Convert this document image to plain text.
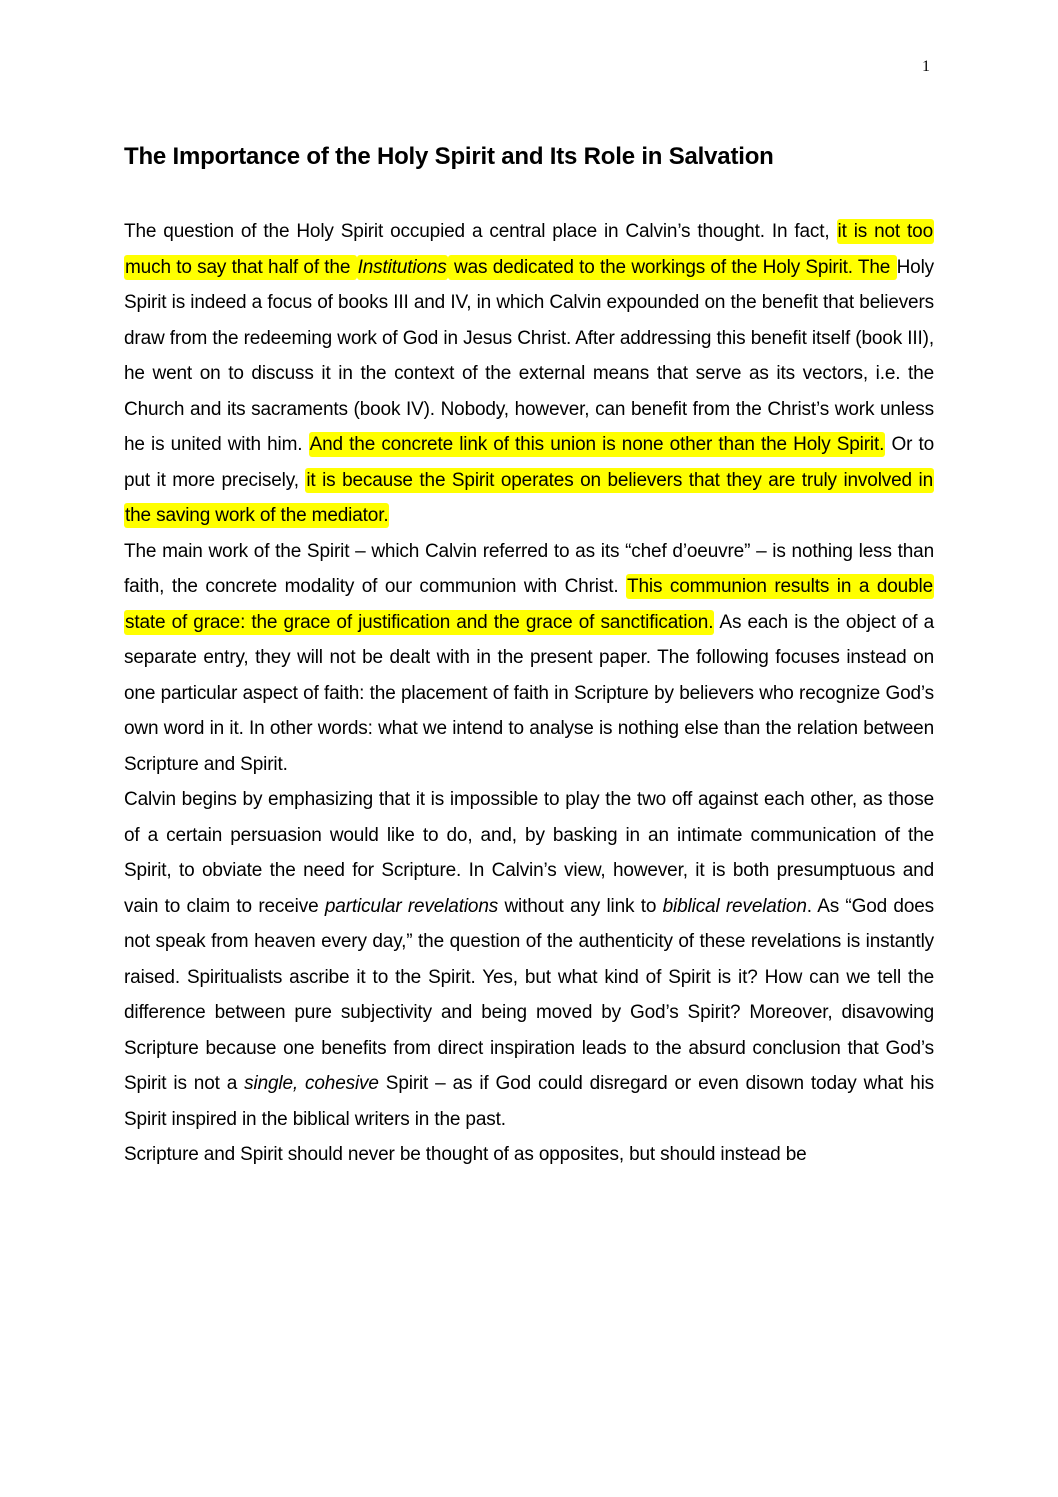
1
The Importance of the Holy Spirit and Its Role in Salvation

The question of the Holy Spirit occupied a central place in Calvin’s thought. In fact, it is not too much to say that half of the Institutions was dedicated to the workings of the Holy Spirit. The Holy Spirit is indeed a focus of books III and IV, in which Calvin expounded on the benefit that believers draw from the redeeming work of God in Jesus Christ. After addressing this benefit itself (book III), he went on to discuss it in the context of the external means that serve as its vectors, i.e. the Church and its sacraments (book IV). Nobody, however, can benefit from the Christ’s work unless he is united with him. And the concrete link of this union is none other than the Holy Spirit. Or to put it more precisely, it is because the Spirit operates on believers that they are truly involved in the saving work of the mediator.

The main work of the Spirit – which Calvin referred to as its “chef d’oeuvre” – is nothing less than faith, the concrete modality of our communion with Christ. This communion results in a double state of grace: the grace of justification and the grace of sanctification. As each is the object of a separate entry, they will not be dealt with in the present paper. The following focuses instead on one particular aspect of faith: the placement of faith in Scripture by believers who recognize God’s own word in it. In other words: what we intend to analyse is nothing else than the relation between Scripture and Spirit.

Calvin begins by emphasizing that it is impossible to play the two off against each other, as those of a certain persuasion would like to do, and, by basking in an intimate communication of the Spirit, to obviate the need for Scripture. In Calvin’s view, however, it is both presumptuous and vain to claim to receive particular revelations without any link to biblical revelation. As “God does not speak from heaven every day,” the question of the authenticity of these revelations is instantly raised. Spiritualists ascribe it to the Spirit. Yes, but what kind of Spirit is it? How can we tell the difference between pure subjectivity and being moved by God’s Spirit? Moreover, disavowing Scripture because one benefits from direct inspiration leads to the absurd conclusion that God’s Spirit is not a single, cohesive Spirit – as if God could disregard or even disown today what his Spirit inspired in the biblical writers in the past.

Scripture and Spirit should never be thought of as opposites, but should instead be
